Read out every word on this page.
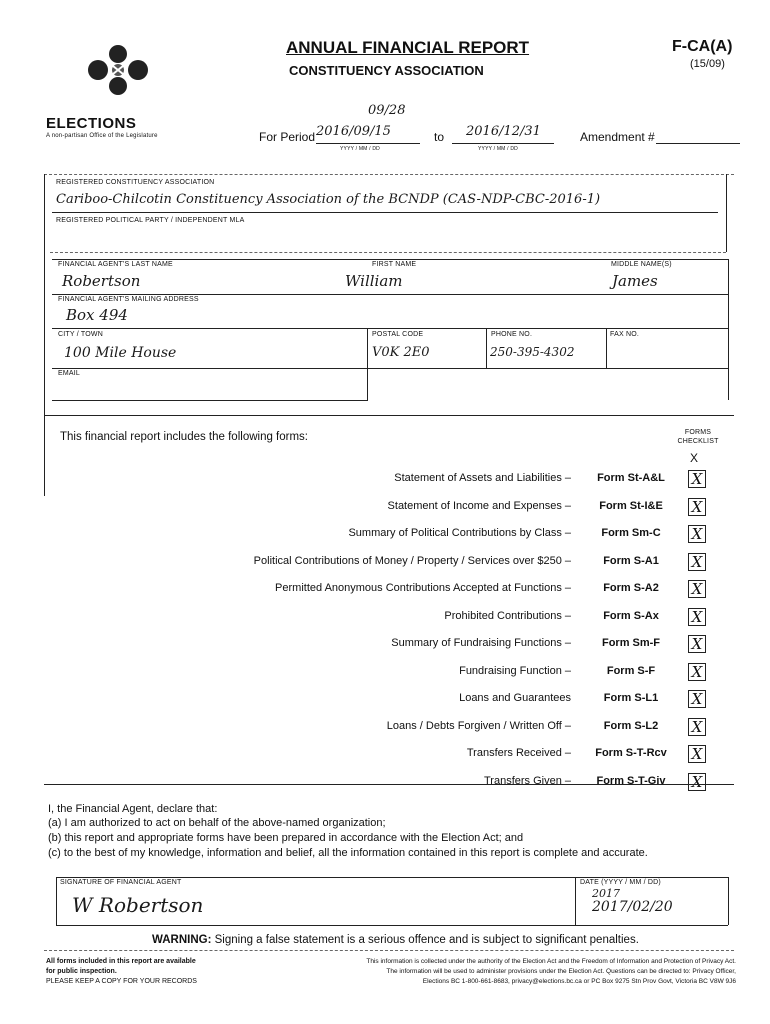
ELECTIONS
A non-partisan Office of the Legislature
ANNUAL FINANCIAL REPORT
CONSTITUENCY ASSOCIATION
F-CA(A)
(15/09)
09/28
For Period 2016/09/15
YYYY / MM / DD
to 2016/12/31
YYYY / MM / DD
Amendment #
REGISTERED CONSTITUENCY ASSOCIATION
Cariboo-Chilcotin Constituency Association of the BCNDP (CAS-NDP-CBC-2016-1)
REGISTERED POLITICAL PARTY / INDEPENDENT MLA
FINANCIAL AGENT'S LAST NAME	FIRST NAME	MIDDLE NAME(S)
Robertson	William	James
FINANCIAL AGENT'S MAILING ADDRESS
Box 494
CITY / TOWN	POSTAL CODE	PHONE NO.	FAX NO.
100 Mile House	V0K 2E0	250-395-4302
EMAIL
This financial report includes the following forms:	FORMS CHECKLIST
X
Statement of Assets and Liabilities –	Form St-A&L	X
Statement of Income and Expenses –	Form St-I&E	X
Summary of Political Contributions by Class –	Form Sm-C	X
Political Contributions of Money / Property / Services over $250 –	Form S-A1	X
Permitted Anonymous Contributions Accepted at Functions –	Form S-A2	X
Prohibited Contributions –	Form S-Ax	X
Summary of Fundraising Functions –	Form Sm-F	X
Fundraising Function –	Form S-F	X
Loans and Guarantees	Form S-L1	X
Loans / Debts Forgiven / Written Off –	Form S-L2	X
Transfers Received –	Form S-T-Rcv	X
Transfers Given –	Form S-T-Giv	X
I, the Financial Agent, declare that:
(a) I am authorized to act on behalf of the above-named organization;
(b) this report and appropriate forms have been prepared in accordance with the Election Act; and
(c) to the best of my knowledge, information and belief, all the information contained in this report is complete and accurate.
SIGNATURE OF FINANCIAL AGENT
W Robertson
DATE (YYYY / MM / DD)
2017
2017/02/20
WARNING: Signing a false statement is a serious offence and is subject to significant penalties.
All forms included in this report are available
for public inspection.
PLEASE KEEP A COPY FOR YOUR RECORDS
This information is collected under the authority of the Election Act and the Freedom of Information and Protection of Privacy Act.
The information will be used to administer provisions under the Election Act. Questions can be directed to: Privacy Officer,
Elections BC 1-800-661-8683, privacy@elections.bc.ca or PC Box 9275 Stn Prov Govt, Victoria BC V8W 9J6
